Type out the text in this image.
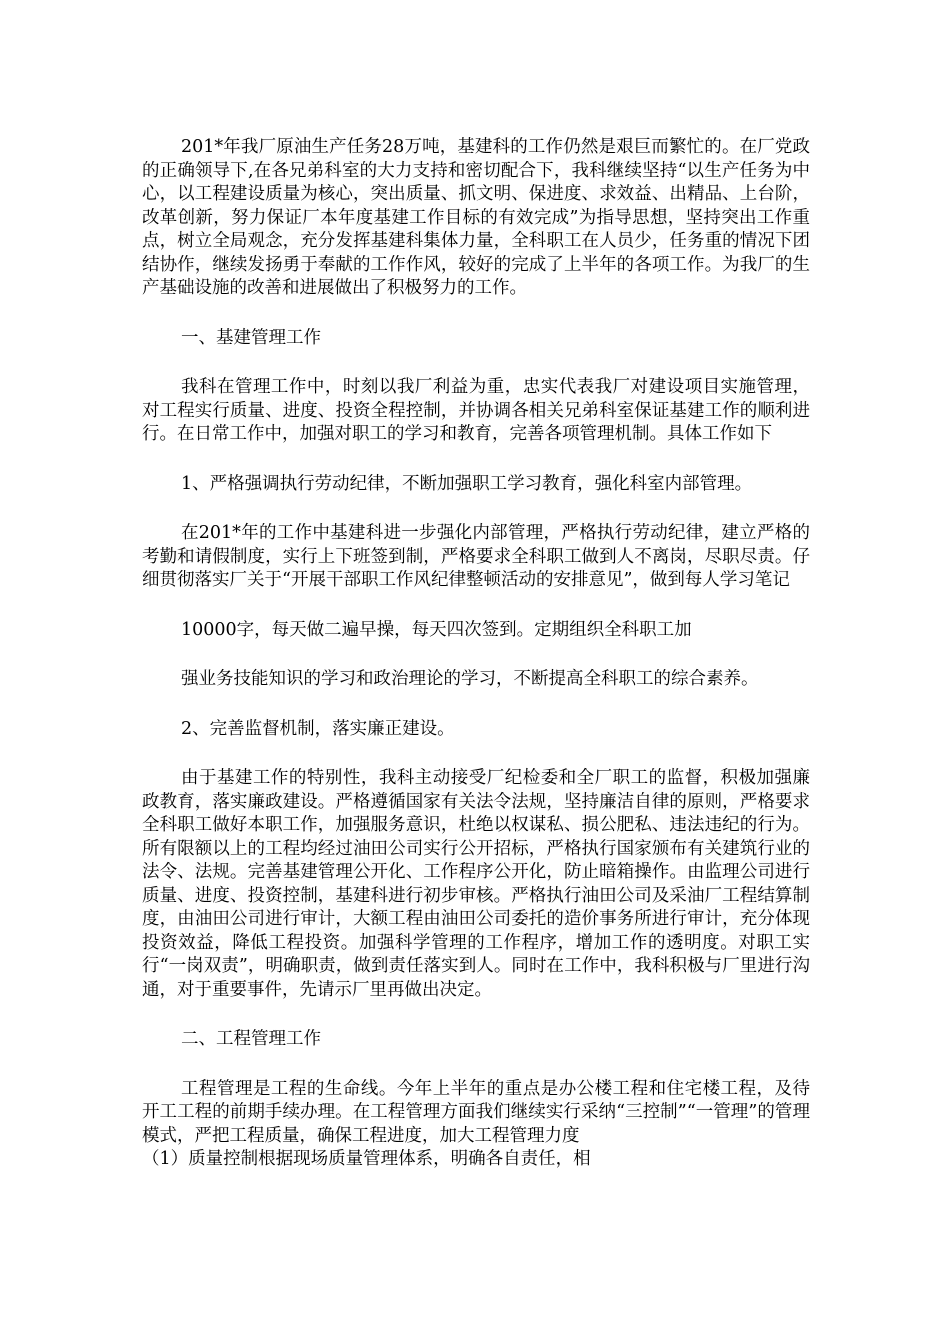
201*年我厂原油生产任务28万吨，基建科的工作仍然是艰巨而繁忙的。在厂党政的正确领导下,在各兄弟科室的大力支持和密切配合下，我科继续坚持“以生产任务为中心，以工程建设质量为核心，突出质量、抓文明、保进度、求效益、出精品、上台阶，改革创新，努力保证厂本年度基建工作目标的有效完成”为指导思想，坚持突出工作重点，树立全局观念，充分发挥基建科集体力量，全科职工在人员少，任务重的情况下团结协作，继续发扬勇于奉献的工作作风，较好的完成了上半年的各项工作。为我厂的生产基础设施的改善和进展做出了积极努力的工作。

一、基建管理工作

我科在管理工作中，时刻以我厂利益为重，忠实代表我厂对建设项目实施管理，对工程实行质量、进度、投资全程控制，并协调各相关兄弟科室保证基建工作的顺利进行。在日常工作中，加强对职工的学习和教育，完善各项管理机制。具体工作如下

1、严格强调执行劳动纪律，不断加强职工学习教育，强化科室内部管理。

在201*年的工作中基建科进一步强化内部管理，严格执行劳动纪律，建立严格的考勤和请假制度，实行上下班签到制，严格要求全科职工做到人不离岗，尽职尽责。仔细贯彻落实厂关于“开展干部职工作风纪律整顿活动的安排意见”，做到每人学习笔记

10000字，每天做二遍早操，每天四次签到。定期组织全科职工加

强业务技能知识的学习和政治理论的学习，不断提高全科职工的综合素养。

2、完善监督机制，落实廉正建设。

由于基建工作的特别性，我科主动接受厂纪检委和全厂职工的监督，积极加强廉政教育，落实廉政建设。严格遵循国家有关法令法规，坚持廉洁自律的原则，严格要求全科职工做好本职工作，加强服务意识，杜绝以权谋私、损公肥私、违法违纪的行为。所有限额以上的工程均经过油田公司实行公开招标，严格执行国家颁布有关建筑行业的法令、法规。完善基建管理公开化、工作程序公开化，防止暗箱操作。由监理公司进行质量、进度、投资控制，基建科进行初步审核。严格执行油田公司及采油厂工程结算制度，由油田公司进行审计，大额工程由油田公司委托的造价事务所进行审计，充分体现投资效益，降低工程投资。加强科学管理的工作程序，增加工作的透明度。对职工实行“一岗双责”，明确职责，做到责任落实到人。同时在工作中，我科积极与厂里进行沟通，对于重要事件，先请示厂里再做出决定。

二、工程管理工作

工程管理是工程的生命线。今年上半年的重点是办公楼工程和住宅楼工程，及待开工工程的前期手续办理。在工程管理方面我们继续实行采纳“三控制”“一管理”的管理模式，严把工程质量，确保工程进度，加大工程管理力度

（1）质量控制根据现场质量管理体系，明确各自责任，相
